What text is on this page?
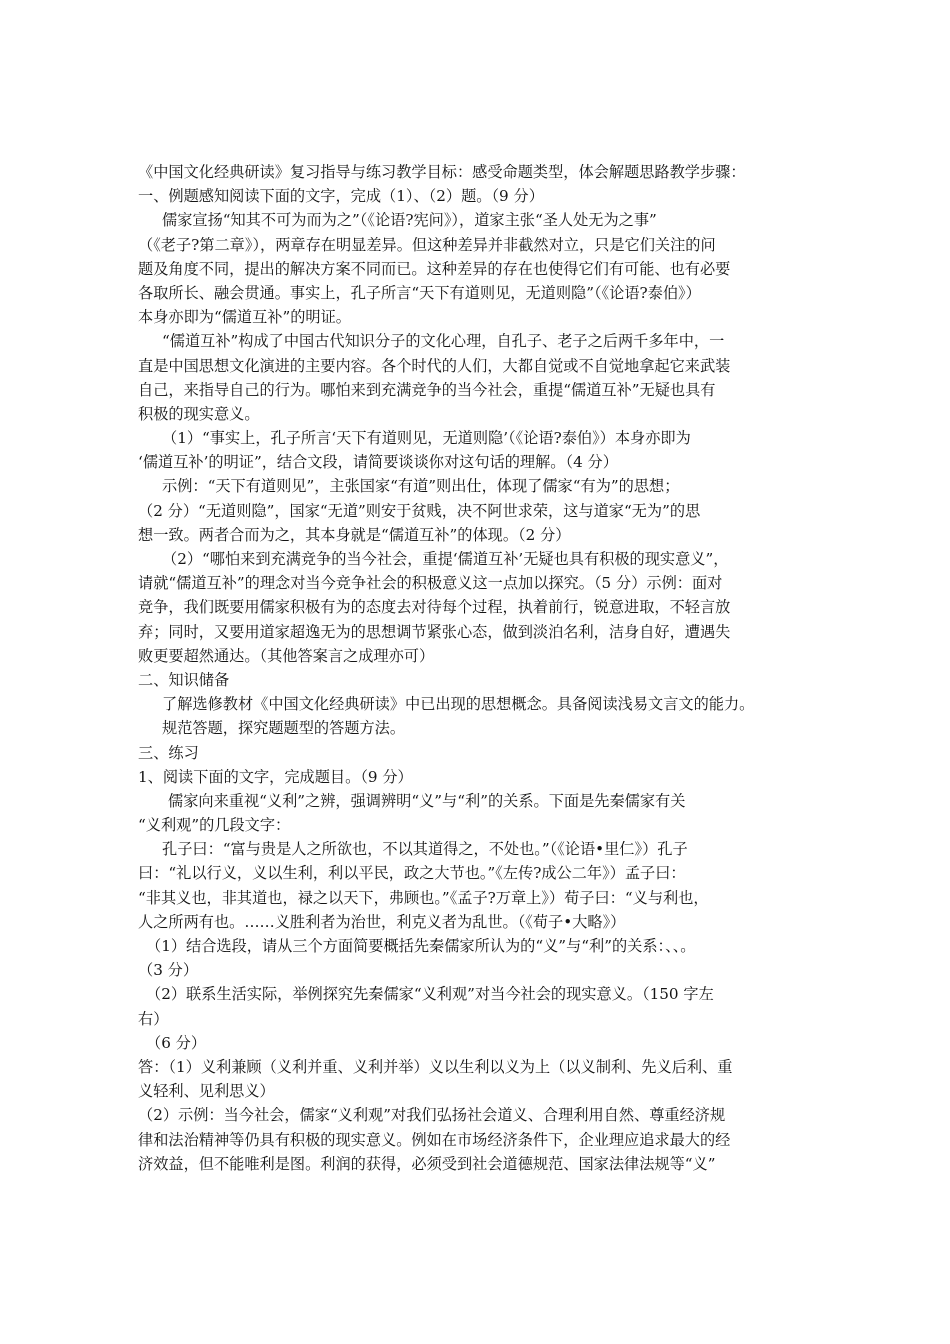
《中国文化经典研读》复习指导与练习教学目标：感受命题类型，体会解题思路教学步骤：
一、例题感知阅读下面的文字，完成（1）、（2）题。（9 分）
儒家宣扬“知其不可为而为之”（《论语?宪问》），道家主张“圣人处无为之事”
（《老子?第二章》），两章存在明显差异。但这种差异并非截然对立，只是它们关注的问
题及角度不同，提出的解决方案不同而已。这种差异的存在也使得它们有可能、也有必要
各取所长、融会贯通。事实上，孔子所言“天下有道则见，无道则隐”（《论语?泰伯》）
本身亦即为“儒道互补”的明证。
“儒道互补”构成了中国古代知识分子的文化心理，自孔子、老子之后两千多年中，一
直是中国思想文化演进的主要内容。各个时代的人们，大都自觉或不自觉地拿起它来武装
自己，来指导自己的行为。哪怕来到充满竞争的当今社会，重提“儒道互补”无疑也具有
积极的现实意义。
（1）“事实上，孔子所言‘天下有道则见，无道则隐’（《论语?泰伯》）本身亦即为
‘儒道互补’的明证”，结合文段，请简要谈谈你对这句话的理解。（4 分）
示例：“天下有道则见”，主张国家“有道”则出仕，体现了儒家“有为”的思想；
（2 分）“无道则隐”，国家“无道”则安于贫贱，决不阿世求荣，这与道家“无为”的思
想一致。两者合而为之，其本身就是“儒道互补”的体现。（2 分）
（2）“哪怕来到充满竞争的当今社会，重提‘儒道互补’无疑也具有积极的现实意义”，
请就“儒道互补”的理念对当今竞争社会的积极意义这一点加以探究。（5 分）示例：面对
竞争，我们既要用儒家积极有为的态度去对待每个过程，执着前行，锐意进取，不轻言放
弃；同时，又要用道家超逸无为的思想调节紧张心态，做到淡泊名利，洁身自好，遭遇失
败更要超然通达。（其他答案言之成理亦可）
二、知识储备
了解选修教材《中国文化经典研读》中已出现的思想概念。具备阅读浅易文言文的能力。
规范答题，探究题题型的答题方法。
三、练习
1、阅读下面的文字，完成题目。（9 分）
儒家向来重视“义利”之辨，强调辨明“义”与“利”的关系。下面是先秦儒家有关
“义利观”的几段文字：
孔子曰：“富与贵是人之所欲也，不以其道得之，不处也。”（《论语•里仁》）孔子
曰：“礼以行义，义以生利，利以平民，政之大节也。”《左传?成公二年》）孟子曰：
“非其义也，非其道也，禄之以天下，弗顾也。”《孟子?万章上》）荀子曰：“义与利也，
人之所两有也。……义胜利者为治世，利克义者为乱世。（《荀子•大略》）
（1）结合选段，请从三个方面简要概括先秦儒家所认为的“义”与“利”的关系：、、。
（3 分）
（2）联系生活实际，举例探究先秦儒家“义利观”对当今社会的现实意义。（150 字左
右）
（6 分）
答：（1）义利兼顾（义利并重、义利并举）义以生利以义为上（以义制利、先义后利、重
义轻利、见利思义）
（2）示例：当今社会，儒家“义利观”对我们弘扬社会道义、合理利用自然、尊重经济规
律和法治精神等仍具有积极的现实意义。例如在市场经济条件下，企业理应追求最大的经
济效益，但不能唯利是图。利润的获得，必须受到社会道德规范、国家法律法规等“义”
